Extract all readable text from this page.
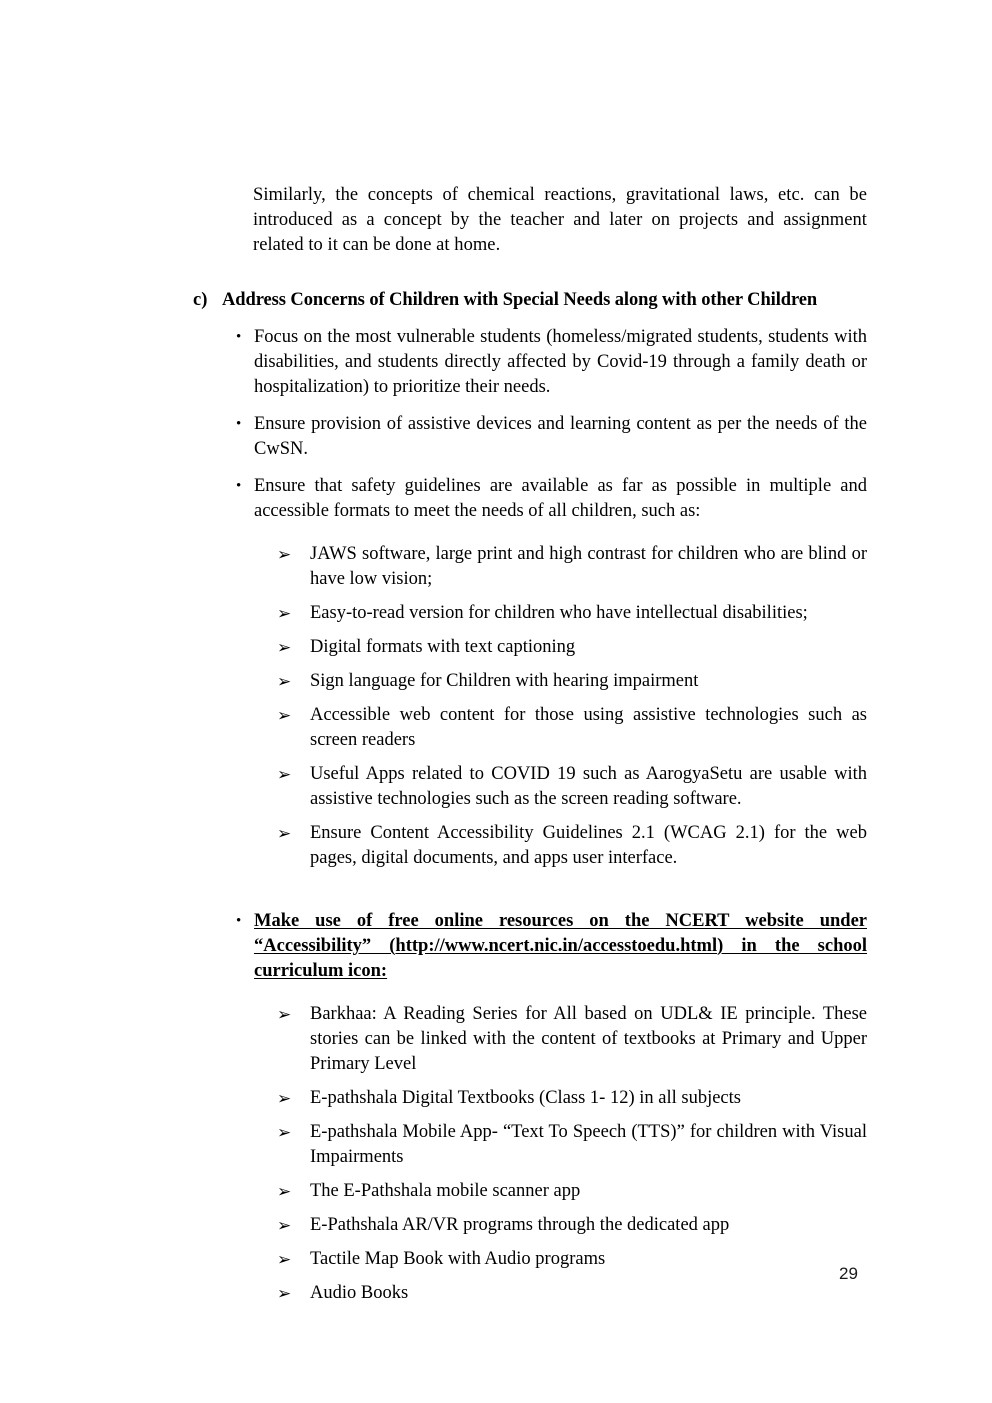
Similarly, the concepts of chemical reactions, gravitational laws, etc. can be introduced as a concept by the teacher and later on projects and assignment related to it can be done at home.

c) Address Concerns of Children with Special Needs along with other Children
• Focus on the most vulnerable students (homeless/migrated students, students with disabilities, and students directly affected by Covid-19 through a family death or hospitalization) to prioritize their needs.
• Ensure provision of assistive devices and learning content as per the needs of the CwSN.
• Ensure that safety guidelines are available as far as possible in multiple and accessible formats to meet the needs of all children, such as:
➢	JAWS software, large print and high contrast for children who are blind or have low vision;
➢	Easy-to-read version for children who have intellectual disabilities;
➢	Digital formats with text captioning
➢	Sign language for Children with hearing impairment
➢	Accessible web content for those using assistive technologies such as screen readers
➢	Useful Apps related to COVID 19 such as AarogyaSetu are usable with assistive technologies such as the screen reading software.
➢	Ensure Content Accessibility Guidelines 2.1 (WCAG 2.1) for the web pages, digital documents, and apps user interface.
• Make use of free online resources on the NCERT website under “Accessibility” (http://www.ncert.nic.in/accesstoedu.html) in the school curriculum icon:
➢	Barkhaa: A Reading Series for All based on UDL& IE principle. These stories can be linked with the content of textbooks at Primary and Upper Primary Level
➢	E-pathshala Digital Textbooks (Class 1- 12) in all subjects
➢	E-pathshala Mobile App- “Text To Speech (TTS)” for children with Visual Impairments
➢	The E-Pathshala mobile scanner app
➢	E-Pathshala AR/VR programs through the dedicated app
➢	Tactile Map Book with Audio programs
➢	Audio Books
29
